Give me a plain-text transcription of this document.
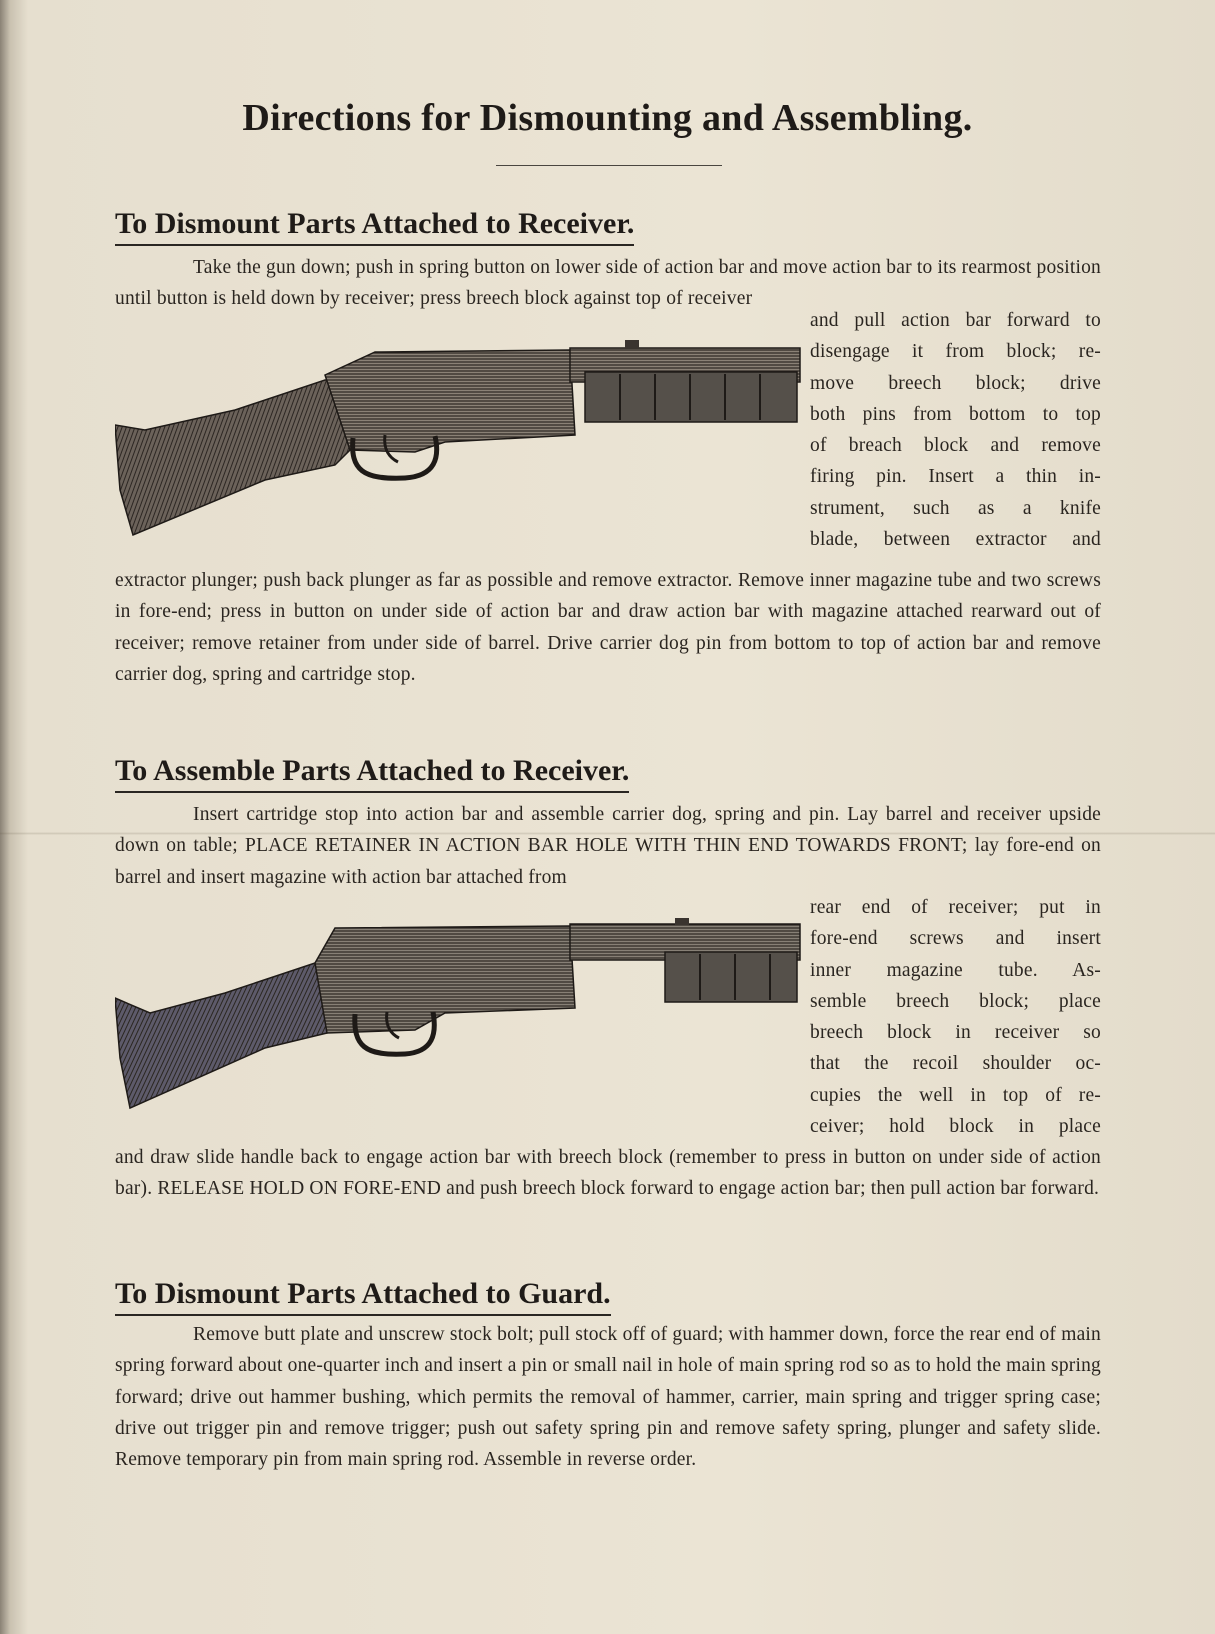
Directions for Dismounting and Assembling.
To Dismount Parts Attached to Receiver.
Take the gun down; push in spring button on lower side of action bar and move action bar to its rearmost position until button is held down by receiver; press breech block against top of receiver
and pull action bar forward to
disengage it from block; re-
move breech block; drive
both pins from bottom to top
of breach block and remove
firing pin. Insert a thin in-
strument, such as a knife
blade, between extractor and
extractor plunger; push back plunger as far as possible and remove extractor. Remove inner magazine tube and two screws in fore-end; press in button on under side of action bar and draw action bar with magazine attached rearward out of receiver; remove retainer from under side of barrel. Drive carrier dog pin from bottom to top of action bar and remove carrier dog, spring and cartridge stop.
To Assemble Parts Attached to Receiver.
Insert cartridge stop into action bar and assemble carrier dog, spring and pin. Lay barrel and receiver upside down on table; PLACE RETAINER IN ACTION BAR HOLE WITH THIN END TOWARDS FRONT; lay fore-end on barrel and insert magazine with action bar attached from
rear end of receiver; put in
fore-end screws and insert
inner magazine tube. As-
semble breech block; place
breech block in receiver so
that the recoil shoulder oc-
cupies the well in top of re-
ceiver; hold block in place
and draw slide handle back to engage action bar with breech block (remember to press in button on under side of action bar). RELEASE HOLD ON FORE-END and push breech block forward to engage action bar; then pull action bar forward.
To Dismount Parts Attached to Guard.
Remove butt plate and unscrew stock bolt; pull stock off of guard; with hammer down, force the rear end of main spring forward about one-quarter inch and insert a pin or small nail in hole of main spring rod so as to hold the main spring forward; drive out hammer bushing, which permits the removal of hammer, carrier, main spring and trigger spring case; drive out trigger pin and remove trigger; push out safety spring pin and remove safety spring, plunger and safety slide. Remove temporary pin from main spring rod. Assemble in reverse order.
